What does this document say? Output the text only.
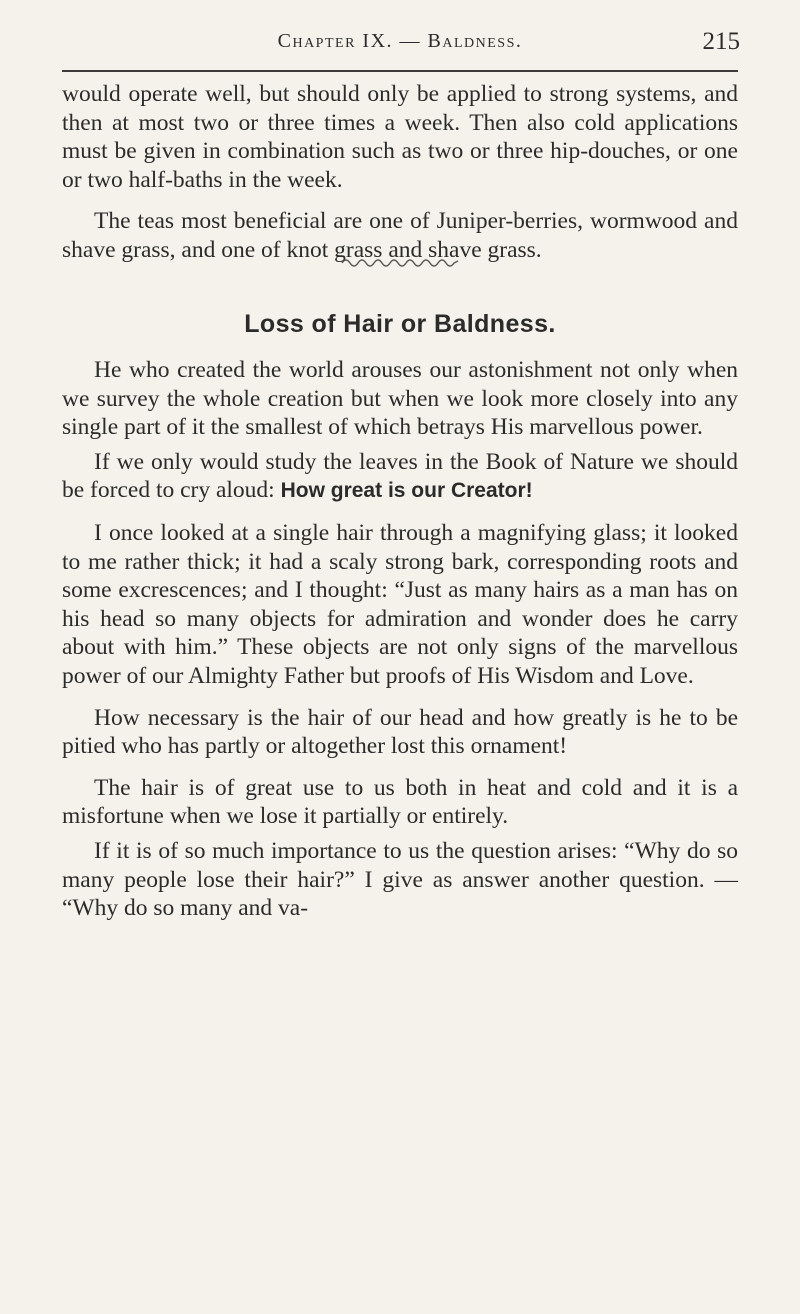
Chapter IX. — Baldness.	215

would operate well, but should only be applied to strong systems, and then at most two or three times a week. Then also cold applications must be given in combination such as two or three hip-douches, or one or two half-baths in the week.

The teas most beneficial are one of Juniper-berries, wormwood and shave grass, and one of knot grass and shave grass.

Loss of Hair or Baldness.

He who created the world arouses our astonishment not only when we survey the whole creation but when we look more closely into any single part of it the smallest of which betrays His marvellous power.

If we only would study the leaves in the Book of Nature we should be forced to cry aloud: How great is our Creator!

I once looked at a single hair through a magnifying glass; it looked to me rather thick; it had a scaly strong bark, corresponding roots and some excrescences; and I thought: “Just as many hairs as a man has on his head so many objects for admiration and wonder does he carry about with him.” These objects are not only signs of the marvellous power of our Almighty Father but proofs of His Wisdom and Love.

How necessary is the hair of our head and how greatly is he to be pitied who has partly or altogether lost this ornament!

The hair is of great use to us both in heat and cold and it is a misfortune when we lose it partially or entirely.

If it is of so much importance to us the question arises: “Why do so many people lose their hair?” I give as answer another question. — “Why do so many and va-
